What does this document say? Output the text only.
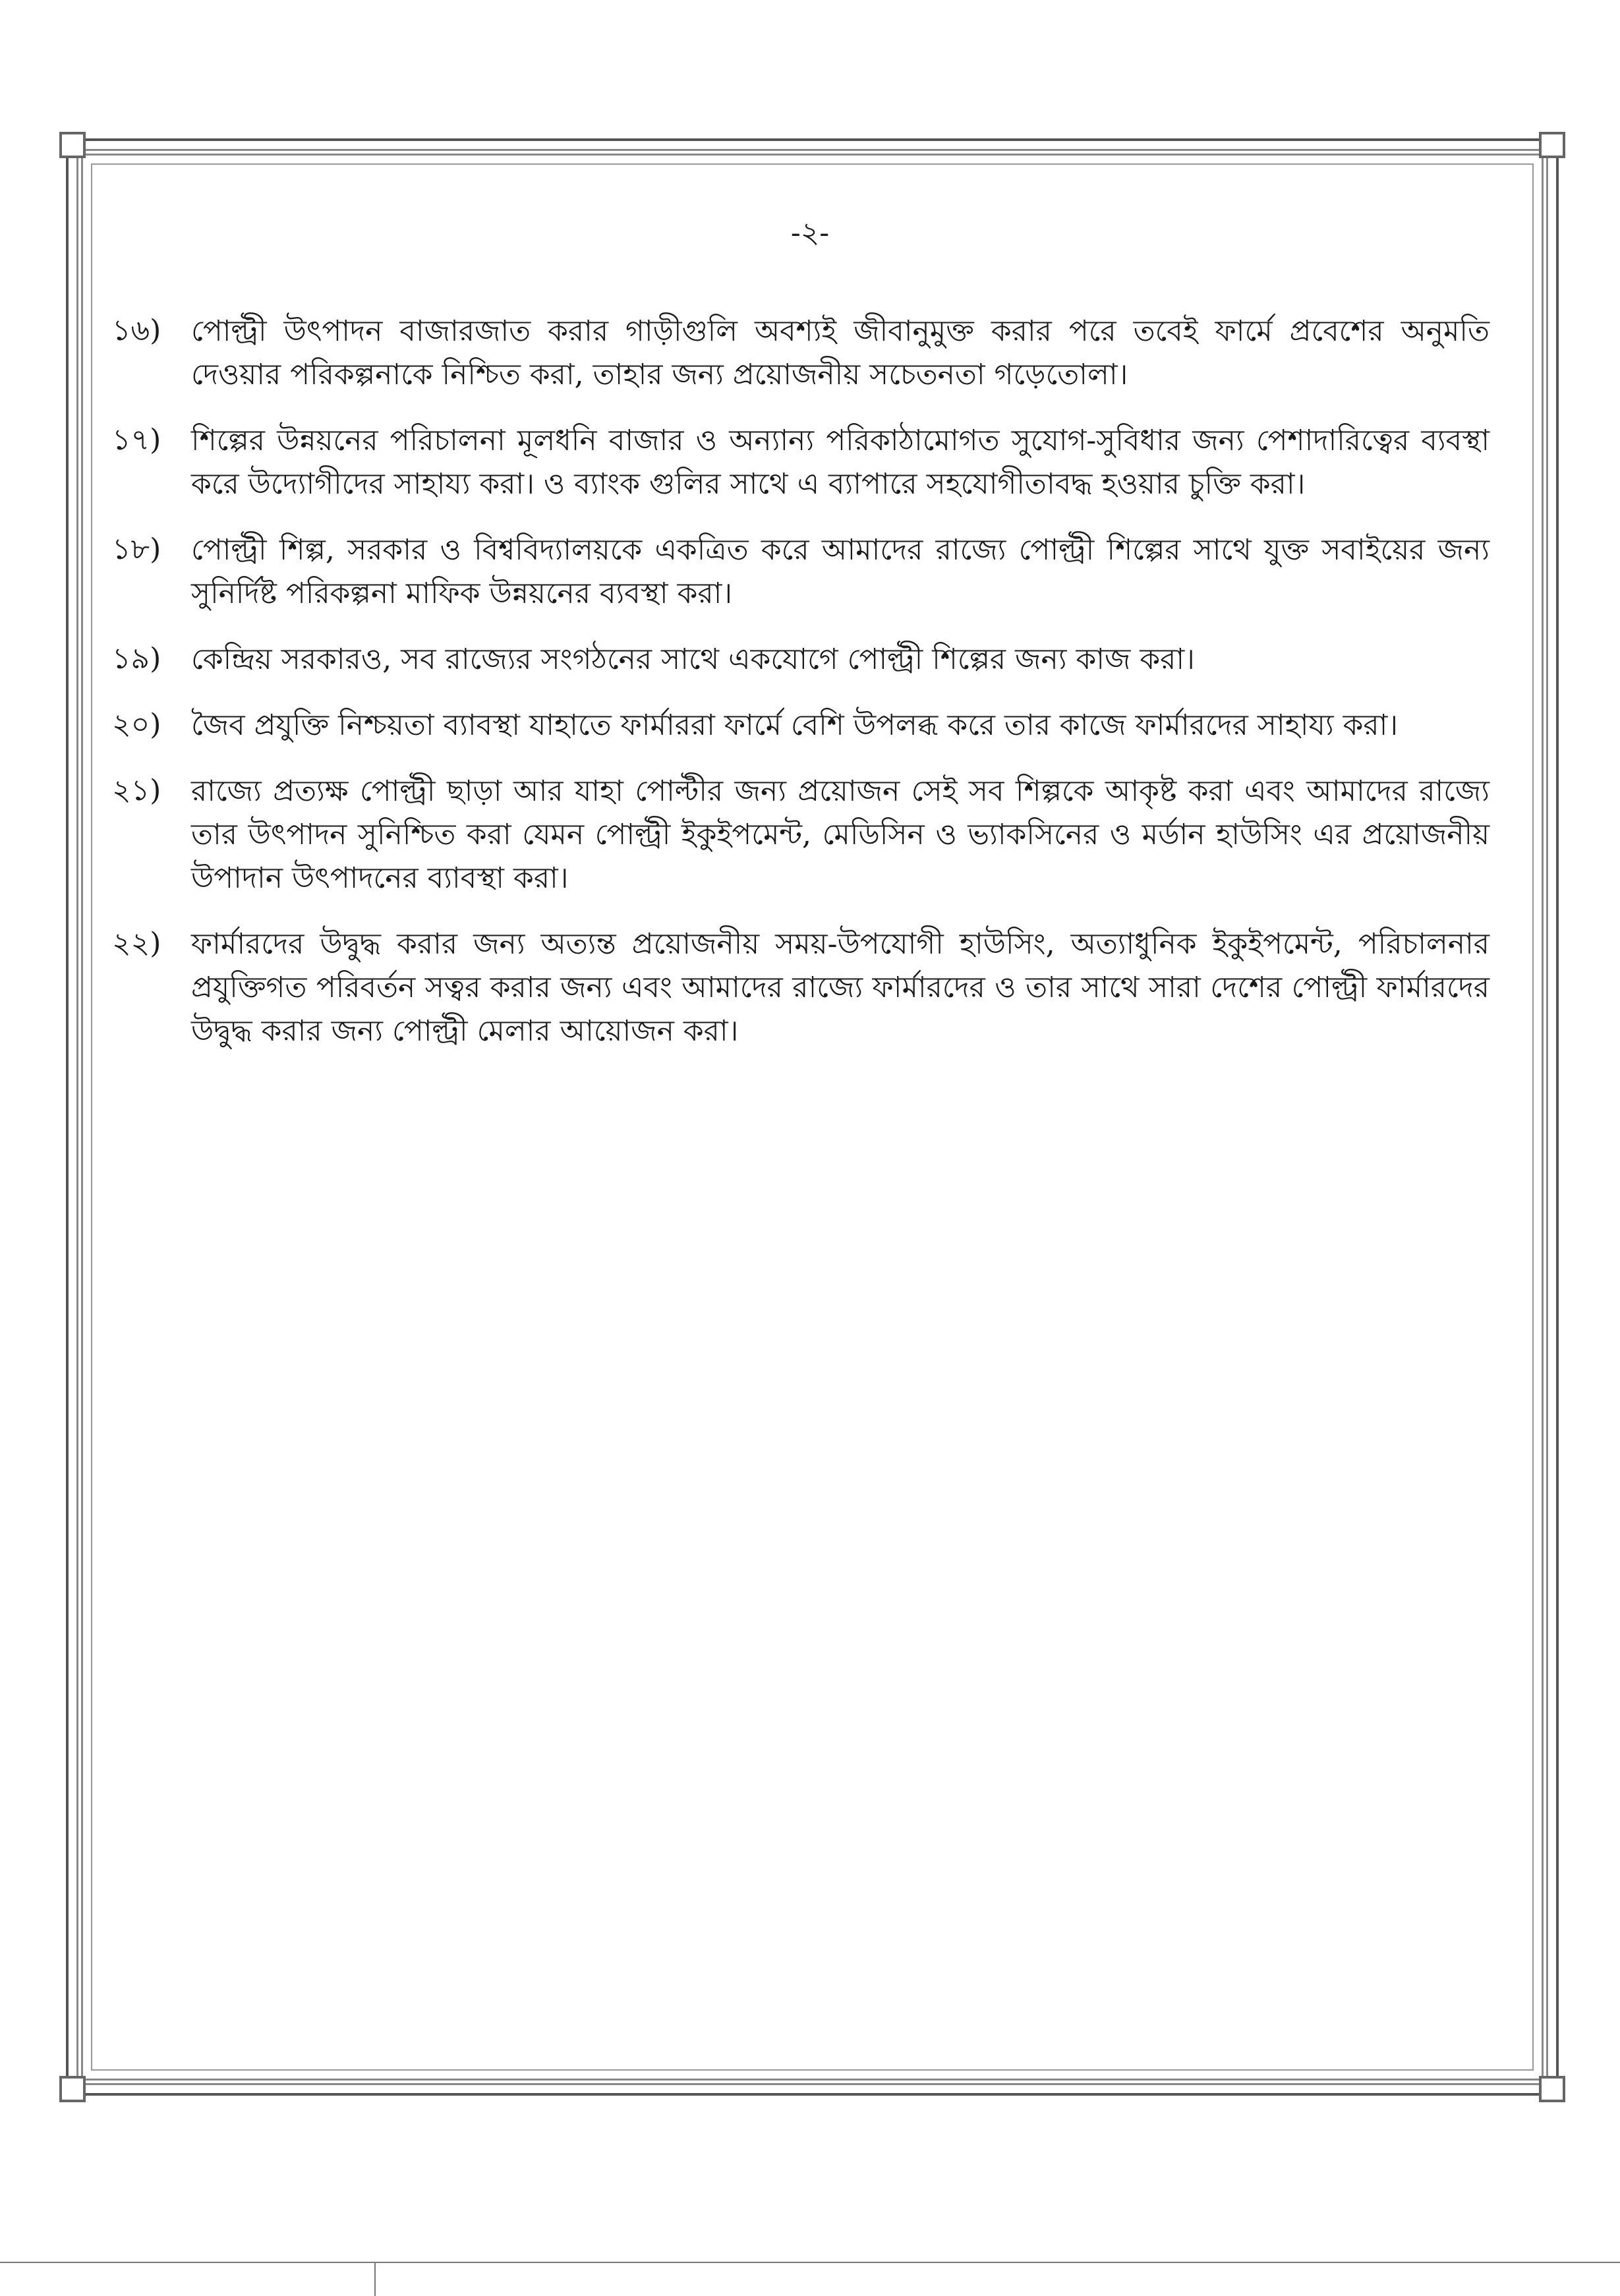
-২-
১৬)	পোল্ট্রী উৎপাদন বাজারজাত করার গাড়ীগুলি অবশ্যই জীবানুমুক্ত করার পরে তবেই ফার্মে প্রবেশের অনুমতি দেওয়ার পরিকল্পনাকে নিশ্চিত করা, তাহার জন্য প্রয়োজনীয় সচেতনতা গড়েতোলা।
১৭)	শিল্পের উন্নয়নের পরিচালনা মূলধনি বাজার ও অন্যান্য পরিকাঠামোগত সুযোগ-সুবিধার জন্য পেশাদারিত্বের ব্যবস্থা করে উদ্যোগীদের সাহায্য করা। ও ব্যাংক গুলির সাথে এ ব্যাপারে সহযোগীতাবদ্ধ হওয়ার চুক্তি করা।
১৮)	পোল্ট্রী শিল্প, সরকার ও বিশ্ববিদ্যালয়কে একত্রিত করে আমাদের রাজ্যে পোল্ট্রী শিল্পের সাথে যুক্ত সবাইয়ের জন্য সুনির্দিষ্ট পরিকল্পনা মাফিক উন্নয়নের ব্যবস্থা করা।
১৯)	কেন্দ্রিয় সরকারও, সব রাজ্যের সংগঠনের সাথে একযোগে পোল্ট্রী শিল্পের জন্য কাজ করা।
২০)	জৈব প্রযুক্তি নিশ্চয়তা ব্যাবস্থা যাহাতে ফার্মাররা ফার্মে বেশি উপলব্ধ করে তার কাজে ফার্মারদের সাহায্য করা।
২১)	রাজ্যে প্রত্যক্ষ পোল্ট্রী ছাড়া আর যাহা পোল্টীর জন্য প্রয়োজন সেই সব শিল্পকে আকৃষ্ট করা এবং আমাদের রাজ্যে তার উৎপাদন সুনিশ্চিত করা যেমন পোল্ট্রী ইকুইপমেন্ট, মেডিসিন ও ভ্যাকসিনের ও মর্ডান হাউসিং এর প্রয়োজনীয় উপাদান উৎপাদনের ব্যাবস্থা করা।
২২)	ফার্মারদের উদ্বুদ্ধ করার জন্য অত্যন্ত প্রয়োজনীয় সময়-উপযোগী হাউসিং, অত্যাধুনিক ইকুইপমেন্ট, পরিচালনার প্রযুক্তিগত পরিবর্তন সত্বর করার জন্য এবং আমাদের রাজ্যে ফার্মারদের ও তার সাথে সারা দেশের পোল্ট্রী ফার্মারদের উদ্বুদ্ধ করার জন্য পোল্ট্রী মেলার আয়োজন করা।
